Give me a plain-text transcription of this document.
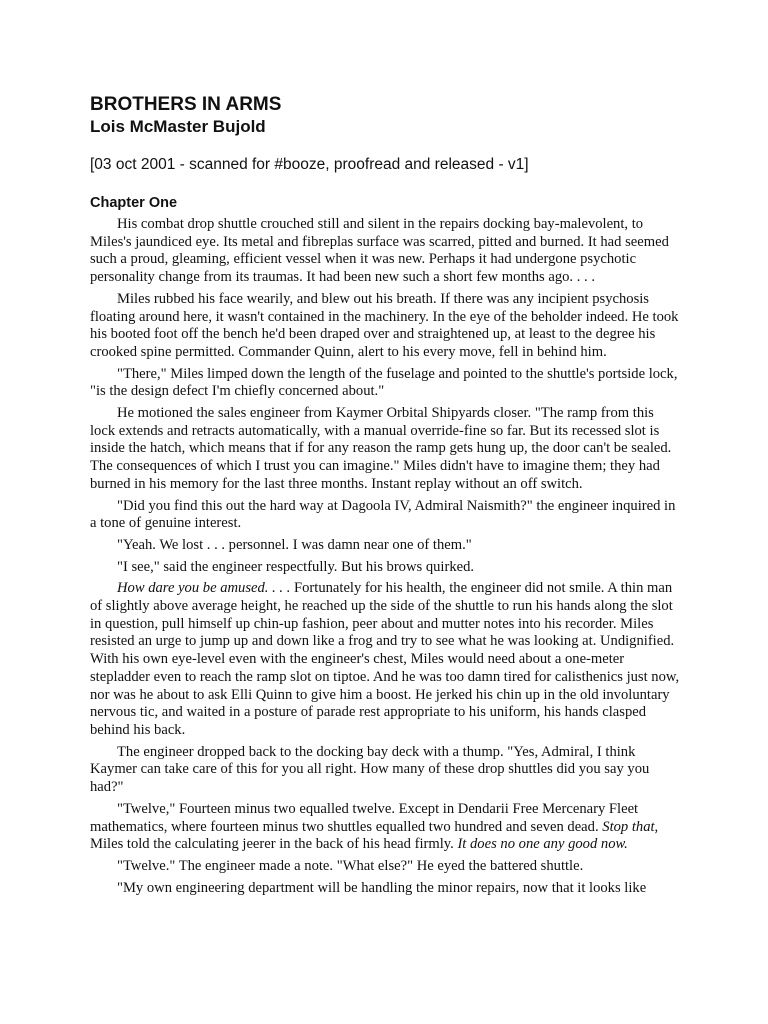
BROTHERS IN ARMS
Lois McMaster Bujold
[03 oct 2001 - scanned for #booze, proofread and released - v1]
Chapter One

His combat drop shuttle crouched still and silent in the repairs docking bay-malevolent, to Miles's jaundiced eye. Its metal and fibreplas surface was scarred, pitted and burned. It had seemed such a proud, gleaming, efficient vessel when it was new. Perhaps it had undergone psychotic personality change from its traumas. It had been new such a short few months ago. . . .

Miles rubbed his face wearily, and blew out his breath. If there was any incipient psychosis floating around here, it wasn't contained in the machinery. In the eye of the beholder indeed. He took his booted foot off the bench he'd been draped over and straightened up, at least to the degree his crooked spine permitted. Commander Quinn, alert to his every move, fell in behind him.

"There," Miles limped down the length of the fuselage and pointed to the shuttle's portside lock, "is the design defect I'm chiefly concerned about."

He motioned the sales engineer from Kaymer Orbital Shipyards closer. "The ramp from this lock extends and retracts automatically, with a manual override-fine so far. But its recessed slot is inside the hatch, which means that if for any reason the ramp gets hung up, the door can't be sealed. The consequences of which I trust you can imagine." Miles didn't have to imagine them; they had burned in his memory for the last three months. Instant replay without an off switch.

"Did you find this out the hard way at Dagoola IV, Admiral Naismith?" the engineer inquired in a tone of genuine interest.

"Yeah. We lost . . . personnel. I was damn near one of them."

"I see," said the engineer respectfully. But his brows quirked.

How dare you be amused. . . . Fortunately for his health, the engineer did not smile. A thin man of slightly above average height, he reached up the side of the shuttle to run his hands along the slot in question, pull himself up chin-up fashion, peer about and mutter notes into his recorder. Miles resisted an urge to jump up and down like a frog and try to see what he was looking at. Undignified. With his own eye-level even with the engineer's chest, Miles would need about a one-meter stepladder even to reach the ramp slot on tiptoe. And he was too damn tired for calisthenics just now, nor was he about to ask Elli Quinn to give him a boost. He jerked his chin up in the old involuntary nervous tic, and waited in a posture of parade rest appropriate to his uniform, his hands clasped behind his back.

The engineer dropped back to the docking bay deck with a thump. "Yes, Admiral, I think Kaymer can take care of this for you all right. How many of these drop shuttles did you say you had?"

"Twelve," Fourteen minus two equalled twelve. Except in Dendarii Free Mercenary Fleet mathematics, where fourteen minus two shuttles equalled two hundred and seven dead. Stop that, Miles told the calculating jeerer in the back of his head firmly. It does no one any good now.

"Twelve." The engineer made a note. "What else?" He eyed the battered shuttle.

"My own engineering department will be handling the minor repairs, now that it looks like
